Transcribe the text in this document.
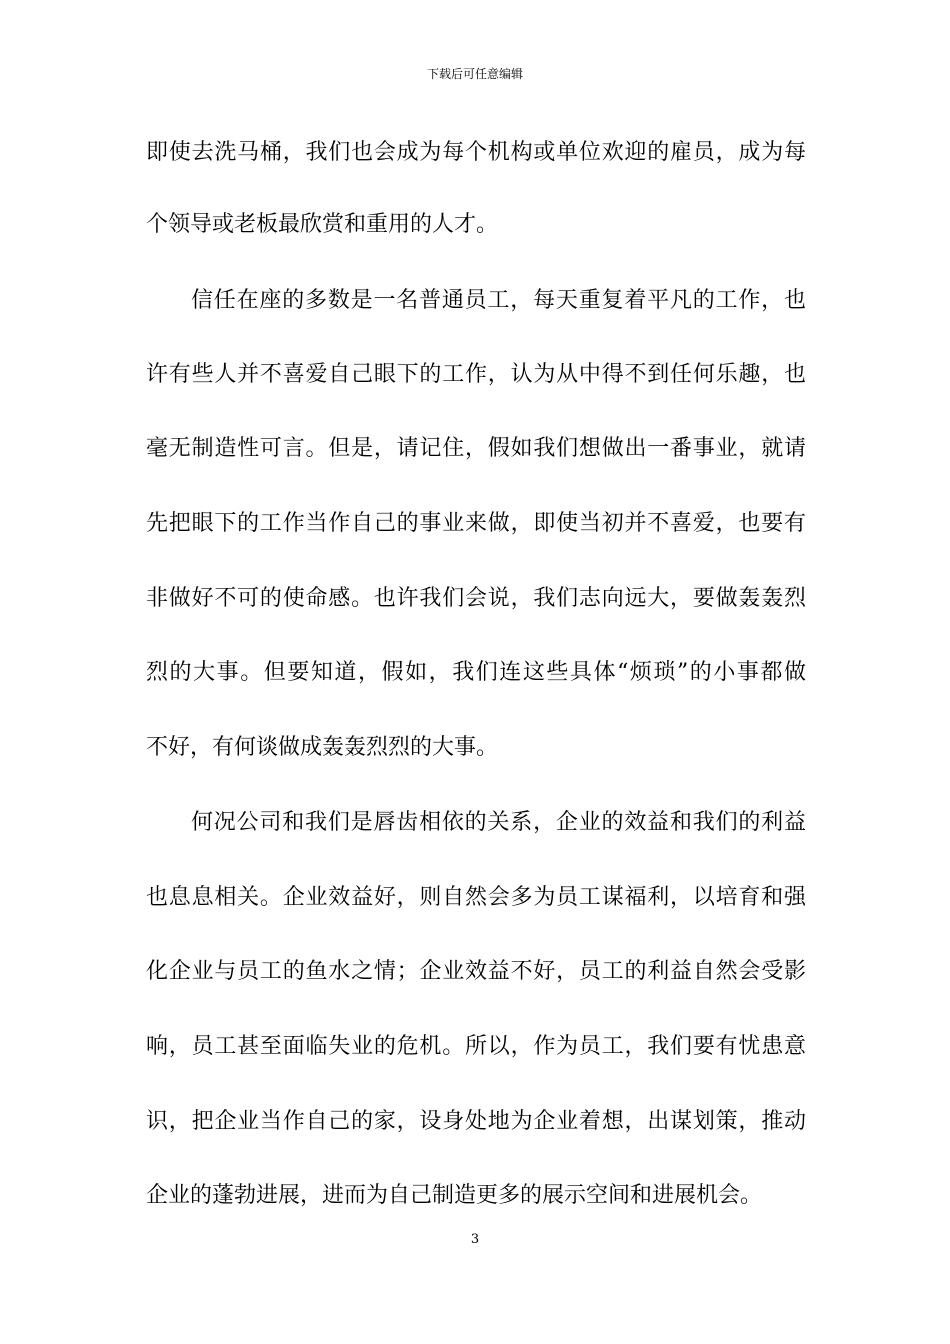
下载后可任意编辑
即使去洗马桶，我们也会成为每个机构或单位欢迎的雇员，成为每
个领导或老板最欣赏和重用的人才。
信任在座的多数是一名普通员工，每天重复着平凡的工作，也
许有些人并不喜爱自己眼下的工作，认为从中得不到任何乐趣，也
毫无制造性可言。但是，请记住，假如我们想做出一番事业，就请
先把眼下的工作当作自己的事业来做，即使当初并不喜爱，也要有
非做好不可的使命感。也许我们会说，我们志向远大，要做轰轰烈
烈的大事。但要知道，假如，我们连这些具体“烦琐”的小事都做
不好，有何谈做成轰轰烈烈的大事。
何况公司和我们是唇齿相依的关系，企业的效益和我们的利益
也息息相关。企业效益好，则自然会多为员工谋福利，以培育和强
化企业与员工的鱼水之情；企业效益不好，员工的利益自然会受影
响，员工甚至面临失业的危机。所以，作为员工，我们要有忧患意
识，把企业当作自己的家，设身处地为企业着想，出谋划策，推动
企业的蓬勃进展，进而为自己制造更多的展示空间和进展机会。
3
